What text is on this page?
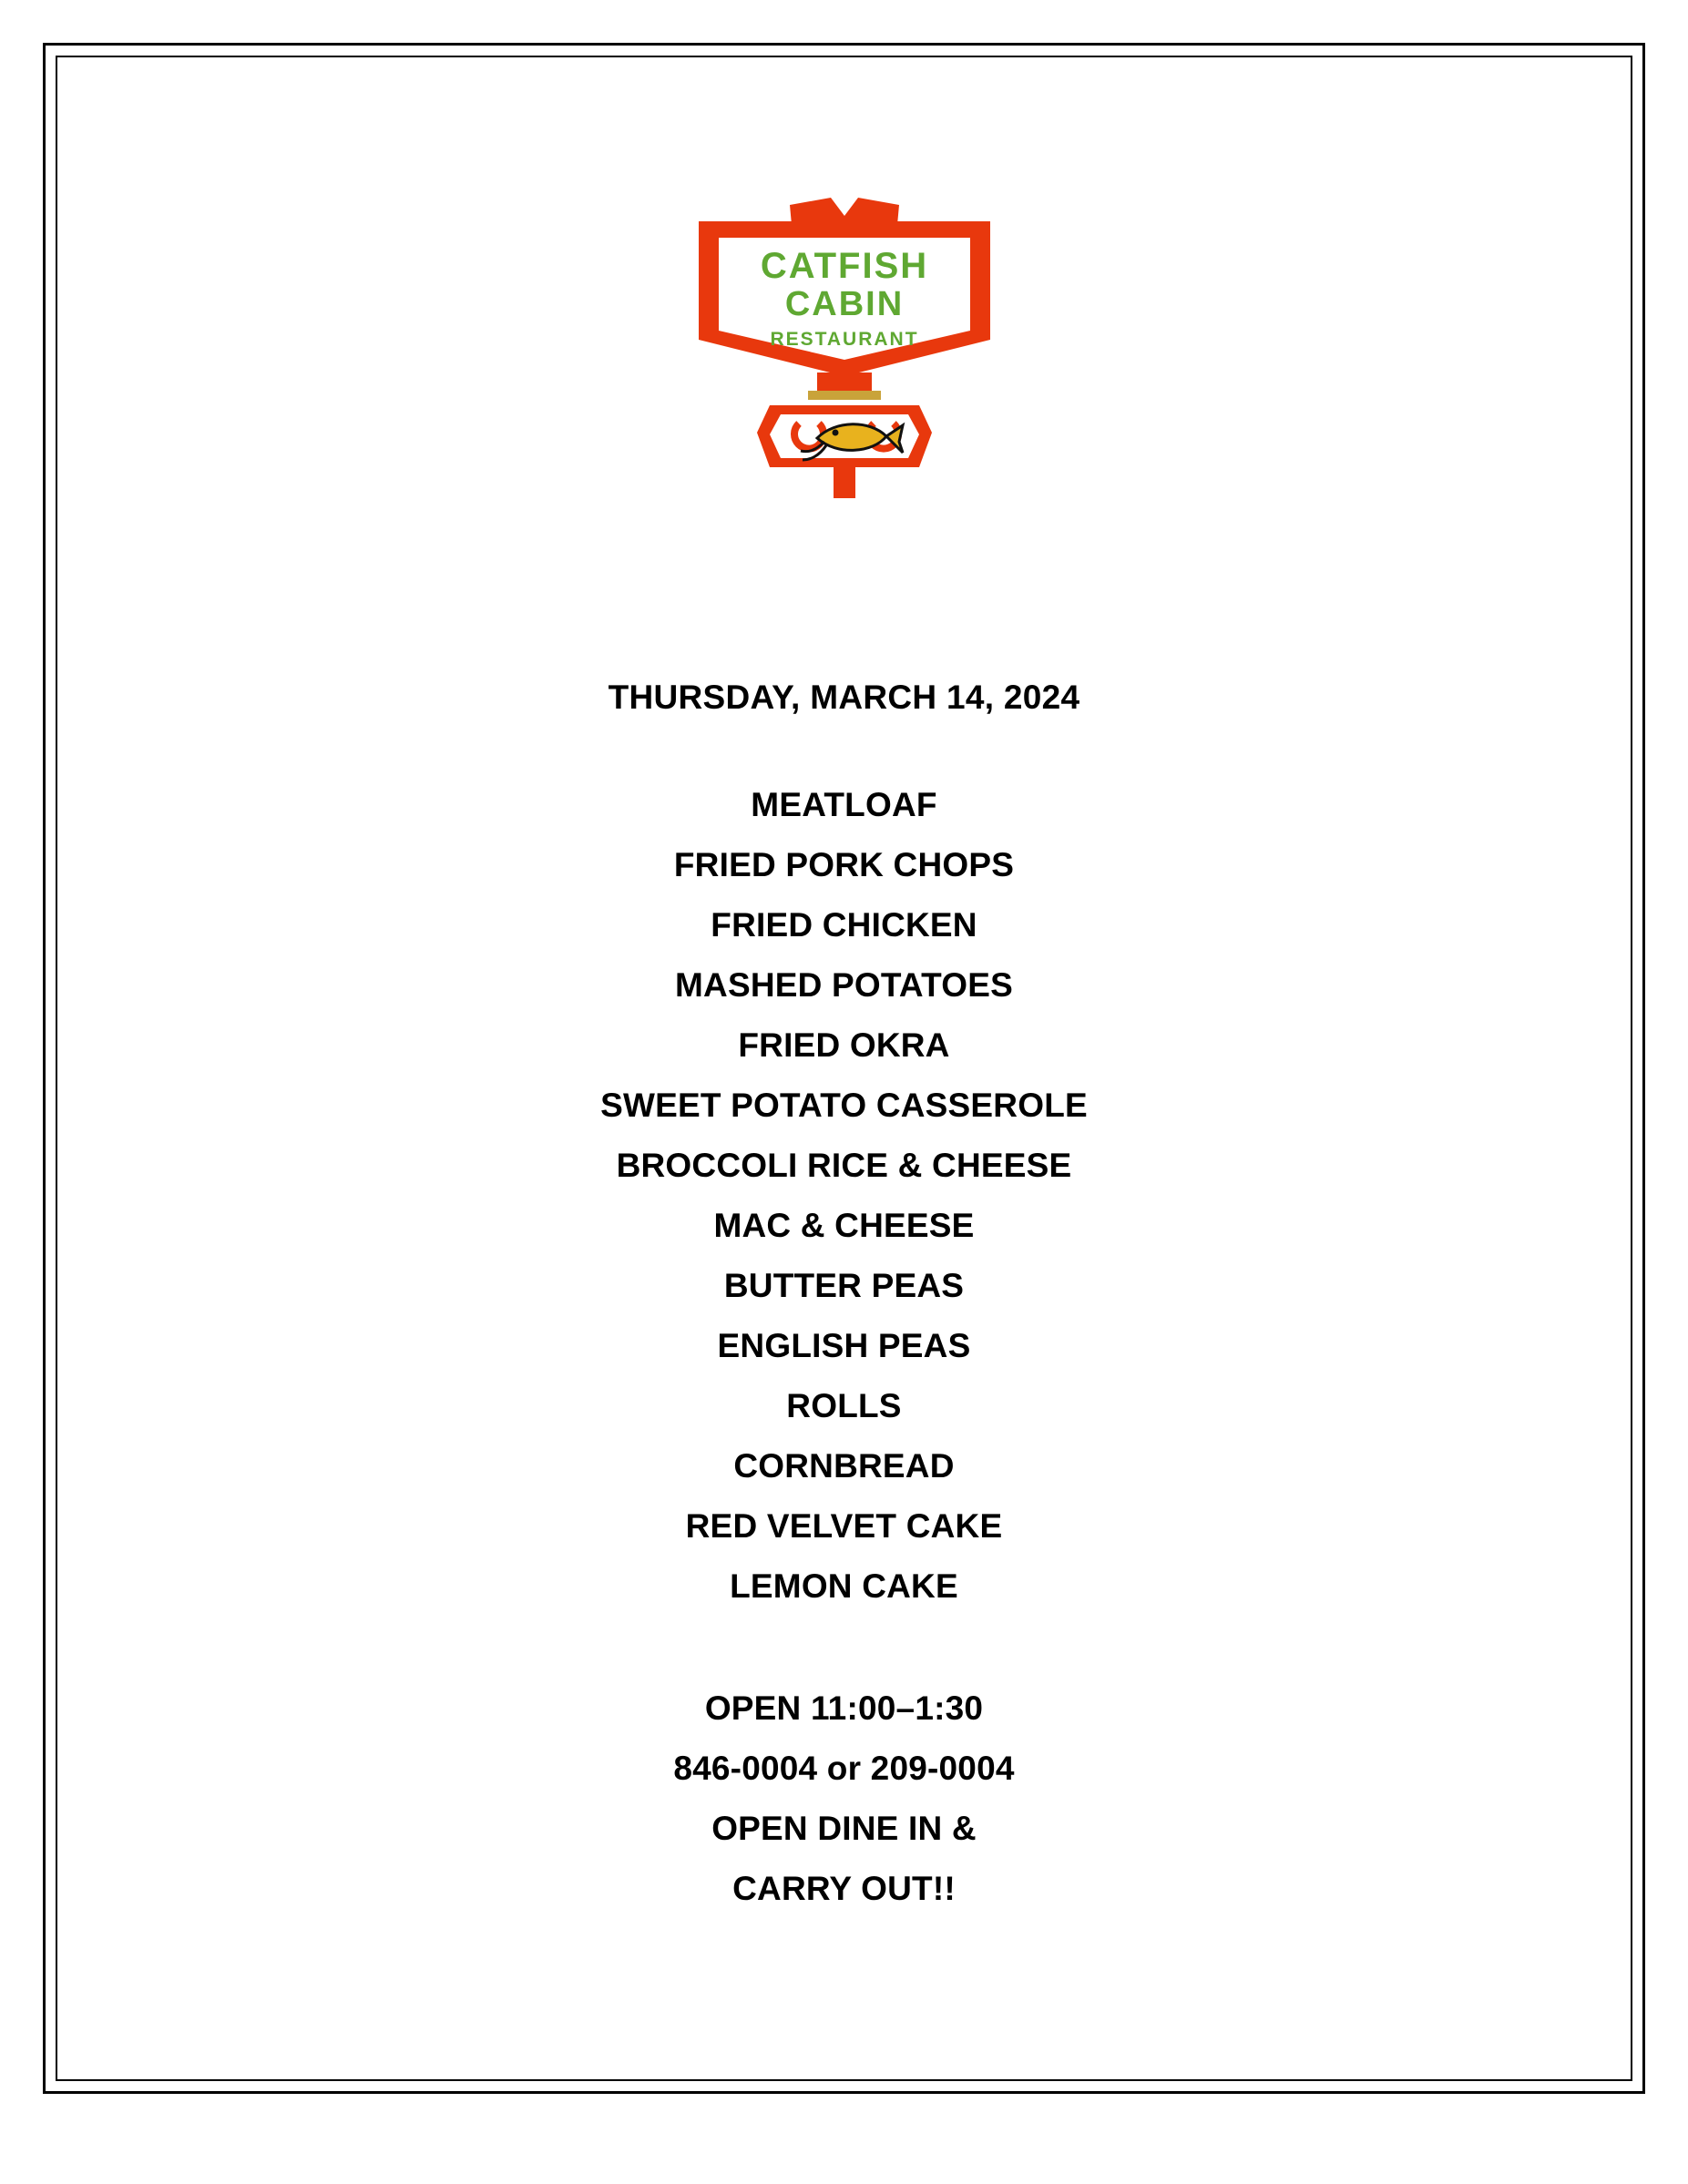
CATFISH
CABIN
RESTAURANT
THURSDAY, MARCH 14, 2024
MEATLOAF
FRIED PORK CHOPS
FRIED CHICKEN
MASHED POTATOES
FRIED OKRA
SWEET POTATO CASSEROLE
BROCCOLI RICE & CHEESE
MAC & CHEESE
BUTTER PEAS
ENGLISH PEAS
ROLLS
CORNBREAD
RED VELVET CAKE
LEMON CAKE
OPEN 11:00–1:30
846-0004 or 209-0004
OPEN DINE IN &
CARRY OUT!!
